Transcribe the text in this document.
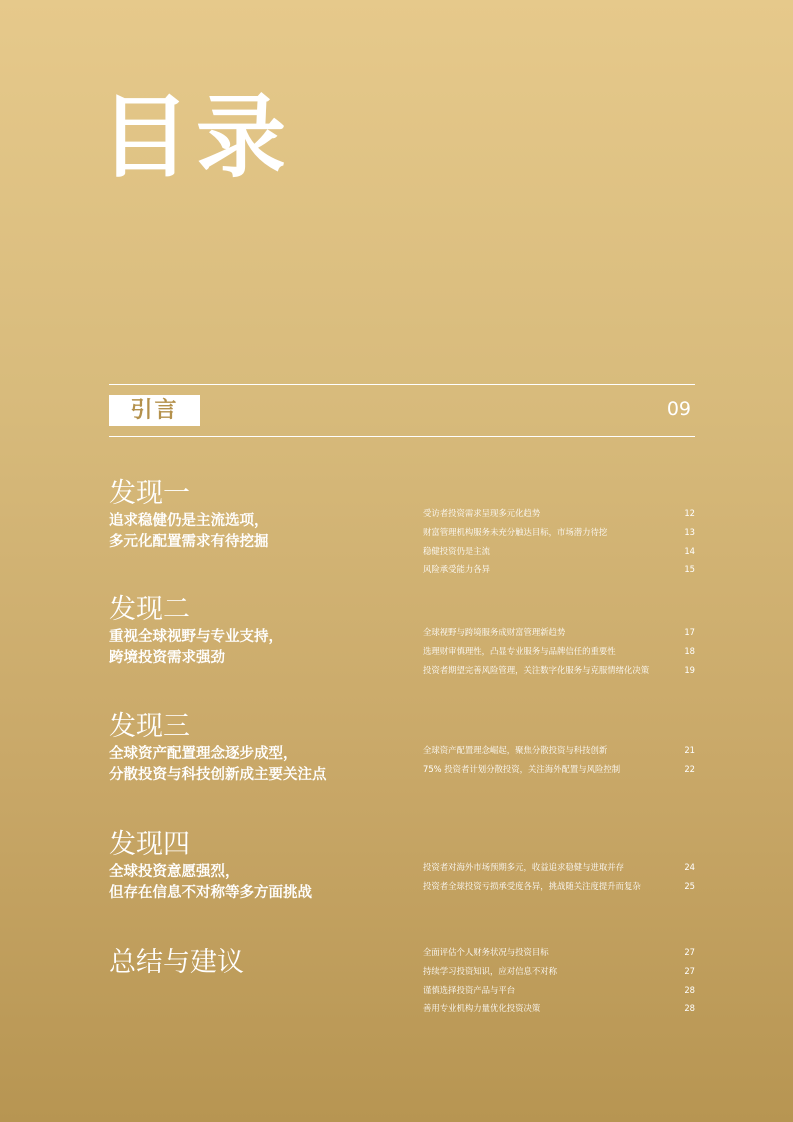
目录
引言	09
发现一
追求稳健仍是主流选项，
多元化配置需求有待挖掘
受访者投资需求呈现多元化趋势	12
财富管理机构服务未充分触达目标，市场潜力待挖	13
稳健投资仍是主流	14
风险承受能力各异	15
发现二
重视全球视野与专业支持，
跨境投资需求强劲
全球视野与跨境服务成财富管理新趋势	17
选理财审慎理性，凸显专业服务与品牌信任的重要性	18
投资者期望完善风险管理，关注数字化服务与克服情绪化决策	19
发现三
全球资产配置理念逐步成型，
分散投资与科技创新成主要关注点
全球资产配置理念崛起，聚焦分散投资与科技创新	21
75% 投资者计划分散投资，关注海外配置与风险控制	22
发现四
全球投资意愿强烈，
但存在信息不对称等多方面挑战
投资者对海外市场预期多元，收益追求稳健与进取并存	24
投资者全球投资亏损承受度各异，挑战随关注度提升而复杂	25
总结与建议	全面评估个人财务状况与投资目标	27
持续学习投资知识，应对信息不对称	27
谨慎选择投资产品与平台	28
善用专业机构力量优化投资决策	28
